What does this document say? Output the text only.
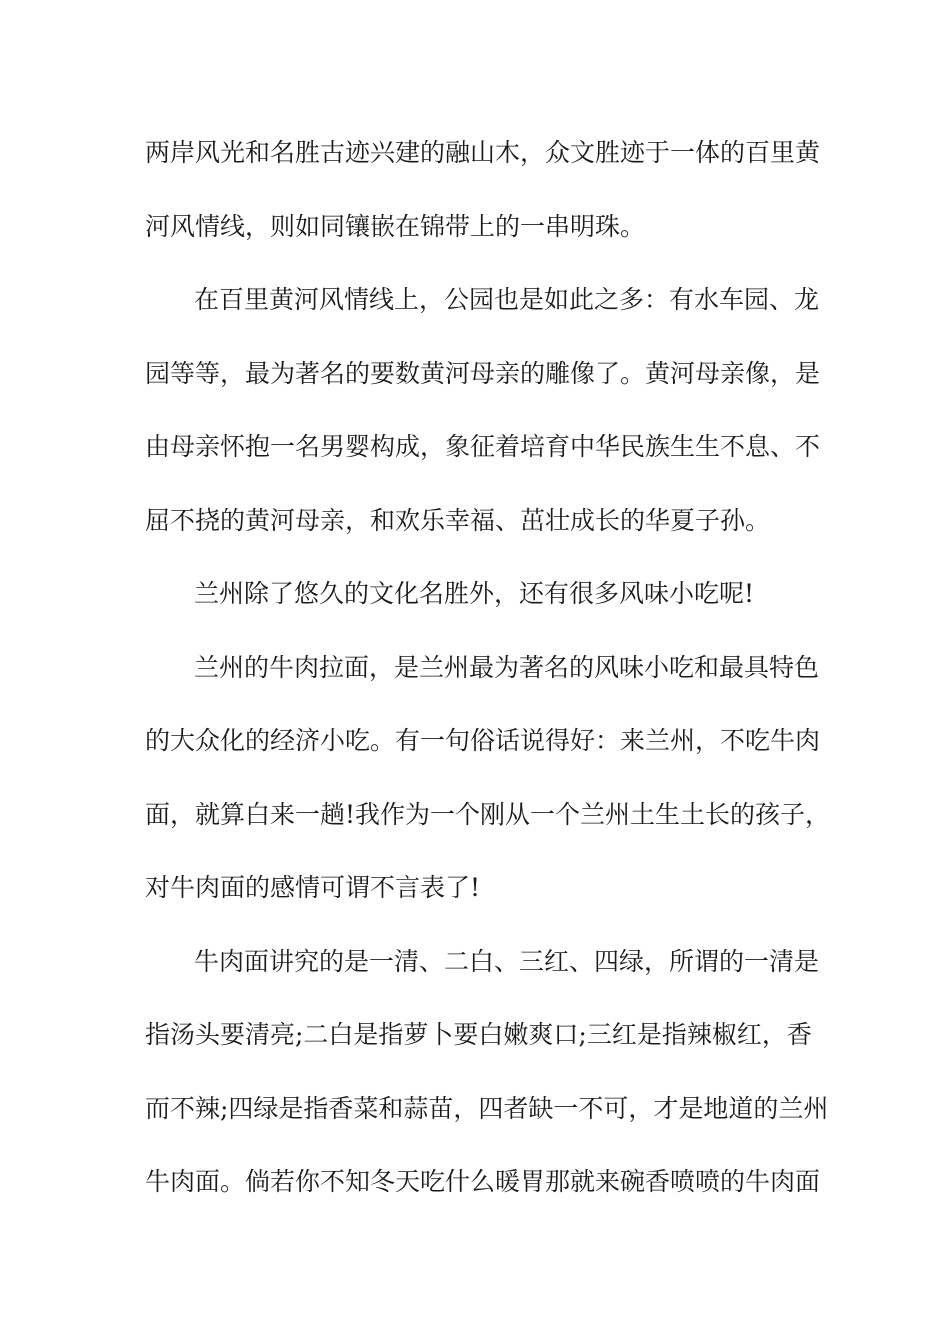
两岸风光和名胜古迹兴建的融山木，众文胜迹于一体的百里黄
河风情线，则如同镶嵌在锦带上的一串明珠。
在百里黄河风情线上，公园也是如此之多：有水车园、龙
园等等，最为著名的要数黄河母亲的雕像了。黄河母亲像，是
由母亲怀抱一名男婴构成，象征着培育中华民族生生不息、不
屈不挠的黄河母亲，和欢乐幸福、茁壮成长的华夏子孙。
兰州除了悠久的文化名胜外，还有很多风味小吃呢!
兰州的牛肉拉面，是兰州最为著名的风味小吃和最具特色
的大众化的经济小吃。有一句俗话说得好：来兰州，不吃牛肉
面，就算白来一趟!我作为一个刚从一个兰州土生土长的孩子，
对牛肉面的感情可谓不言表了!
牛肉面讲究的是一清、二白、三红、四绿，所谓的一清是
指汤头要清亮;二白是指萝卜要白嫩爽口;三红是指辣椒红，香
而不辣;四绿是指香菜和蒜苗，四者缺一不可，才是地道的兰州
牛肉面。倘若你不知冬天吃什么暖胃那就来碗香喷喷的牛肉面
